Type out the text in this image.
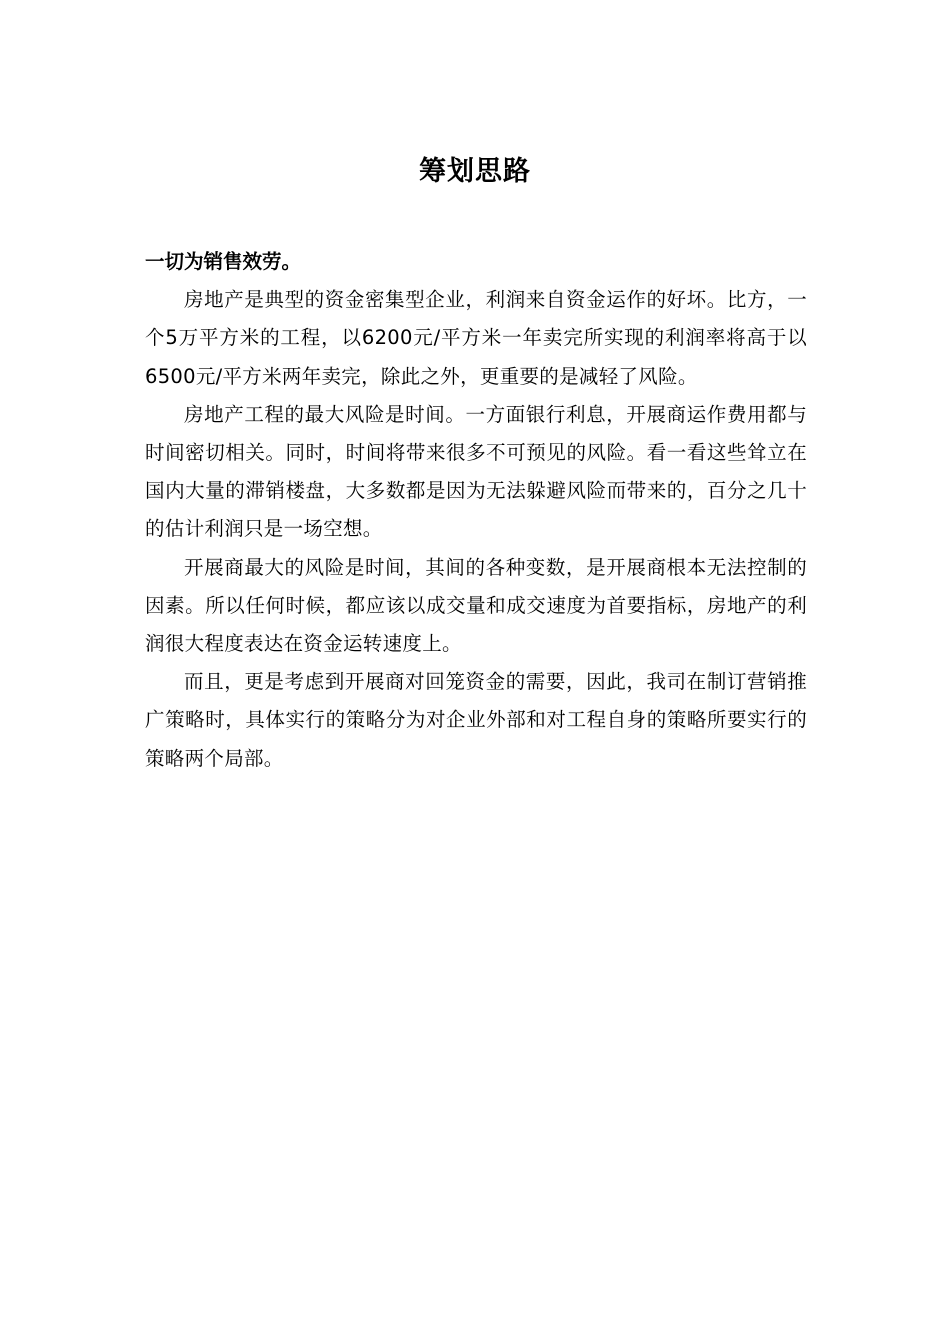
筹划思路

一切为销售效劳。

房地产是典型的资金密集型企业，利润来自资金运作的好坏。比方，一个5万平方米的工程，以6200元/平方米一年卖完所实现的利润率将高于以6500元/平方米两年卖完，除此之外，更重要的是减轻了风险。

房地产工程的最大风险是时间。一方面银行利息，开展商运作费用都与时间密切相关。同时，时间将带来很多不可预见的风险。看一看这些耸立在国内大量的滞销楼盘，大多数都是因为无法躲避风险而带来的，百分之几十的估计利润只是一场空想。

开展商最大的风险是时间，其间的各种变数，是开展商根本无法控制的因素。所以任何时候，都应该以成交量和成交速度为首要指标，房地产的利润很大程度表达在资金运转速度上。

而且，更是考虑到开展商对回笼资金的需要，因此，我司在制订营销推广策略时，具体实行的策略分为对企业外部和对工程自身的策略所要实行的策略两个局部。
